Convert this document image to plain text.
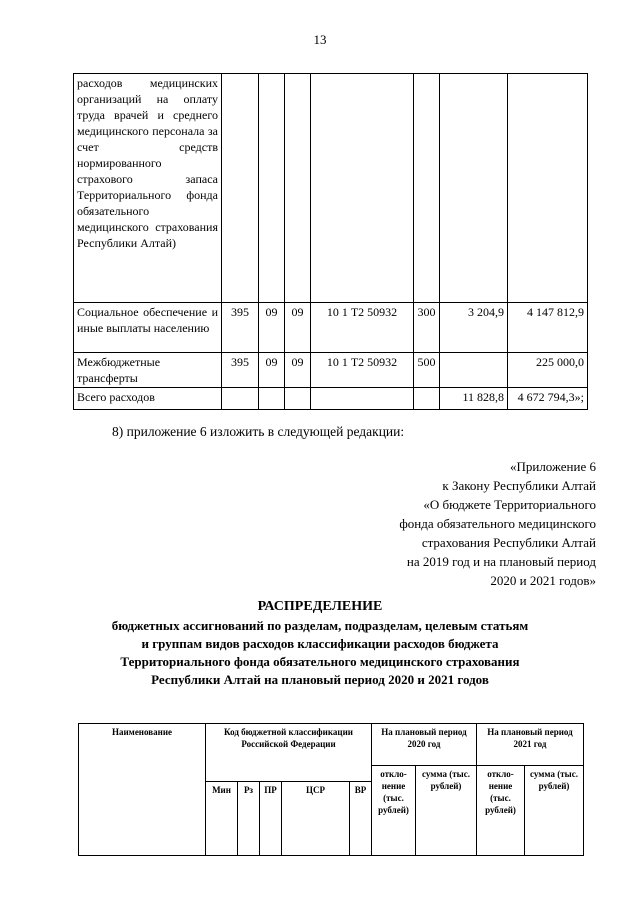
13
расходов медицинских организаций на оплату труда врачей и среднего медицинского персонала за счет средств нормированного страхового запаса Территориального фонда обязательного медицинского страхования Республики Алтай)							
Социальное обеспечение и иные выплаты населению	395	09	09	10 1 Т2 50932	300	3 204,9	4 147 812,9
Межбюджетные трансферты	395	09	09	10 1 Т2 50932	500		225 000,0
Всего расходов						11 828,8	4 672 794,3»;
8) приложение 6 изложить в следующей редакции:
«Приложение 6
к Закону Республики Алтай
«О бюджете Территориального
фонда обязательного медицинского
страхования Республики Алтай
на 2019 год и на плановый период
2020 и 2021 годов»
РАСПРЕДЕЛЕНИЕ
бюджетных ассигнований по разделам, подразделам, целевым статьям
и группам видов расходов классификации расходов бюджета
Территориального фонда обязательного медицинского страхования
Республики Алтай на плановый период 2020 и 2021 годов
Наименование	Код бюджетной классификации Российской Федерации					На плановый период 2020 год		На плановый период 2021 год	
						откло-нение (тыс. рублей)	сумма (тыс. рублей)	откло-нение (тыс. рублей)	сумма (тыс. рублей)
	Мин	Рз	ПР	ЦСР	ВР				
